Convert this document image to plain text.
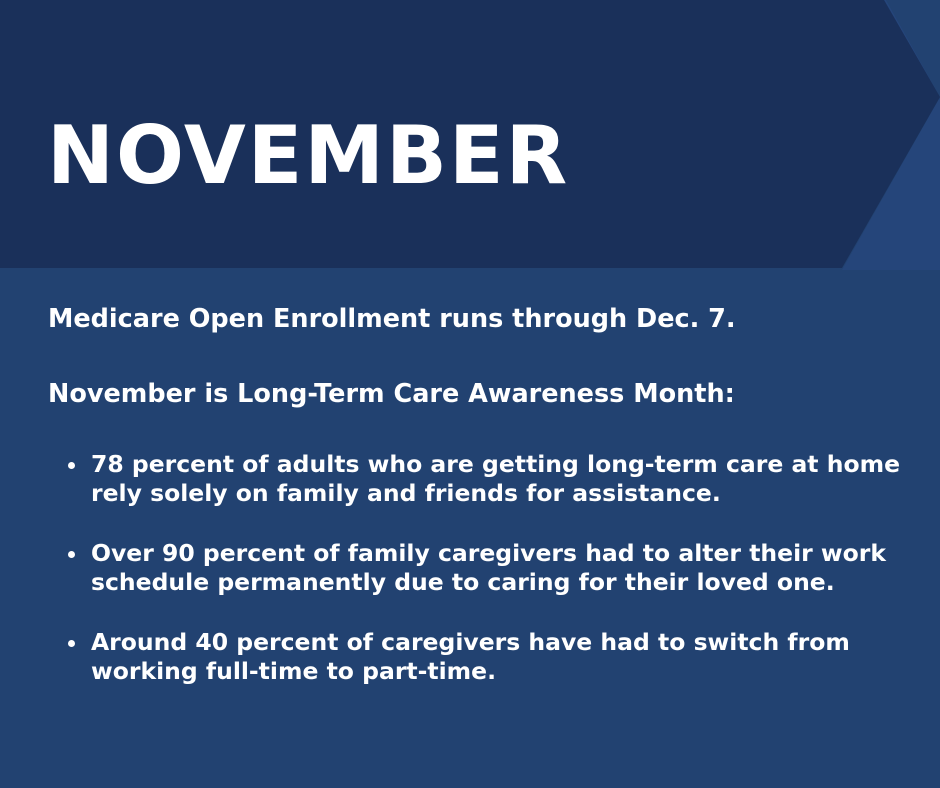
NOVEMBER

Medicare Open Enrollment runs through Dec. 7.

November is Long-Term Care Awareness Month:

78 percent of adults who are getting long-term care at home rely solely on family and friends for assistance.
Over 90 percent of family caregivers had to alter their work schedule permanently due to caring for their loved one.
Around 40 percent of caregivers have had to switch from working full-time to part-time.
